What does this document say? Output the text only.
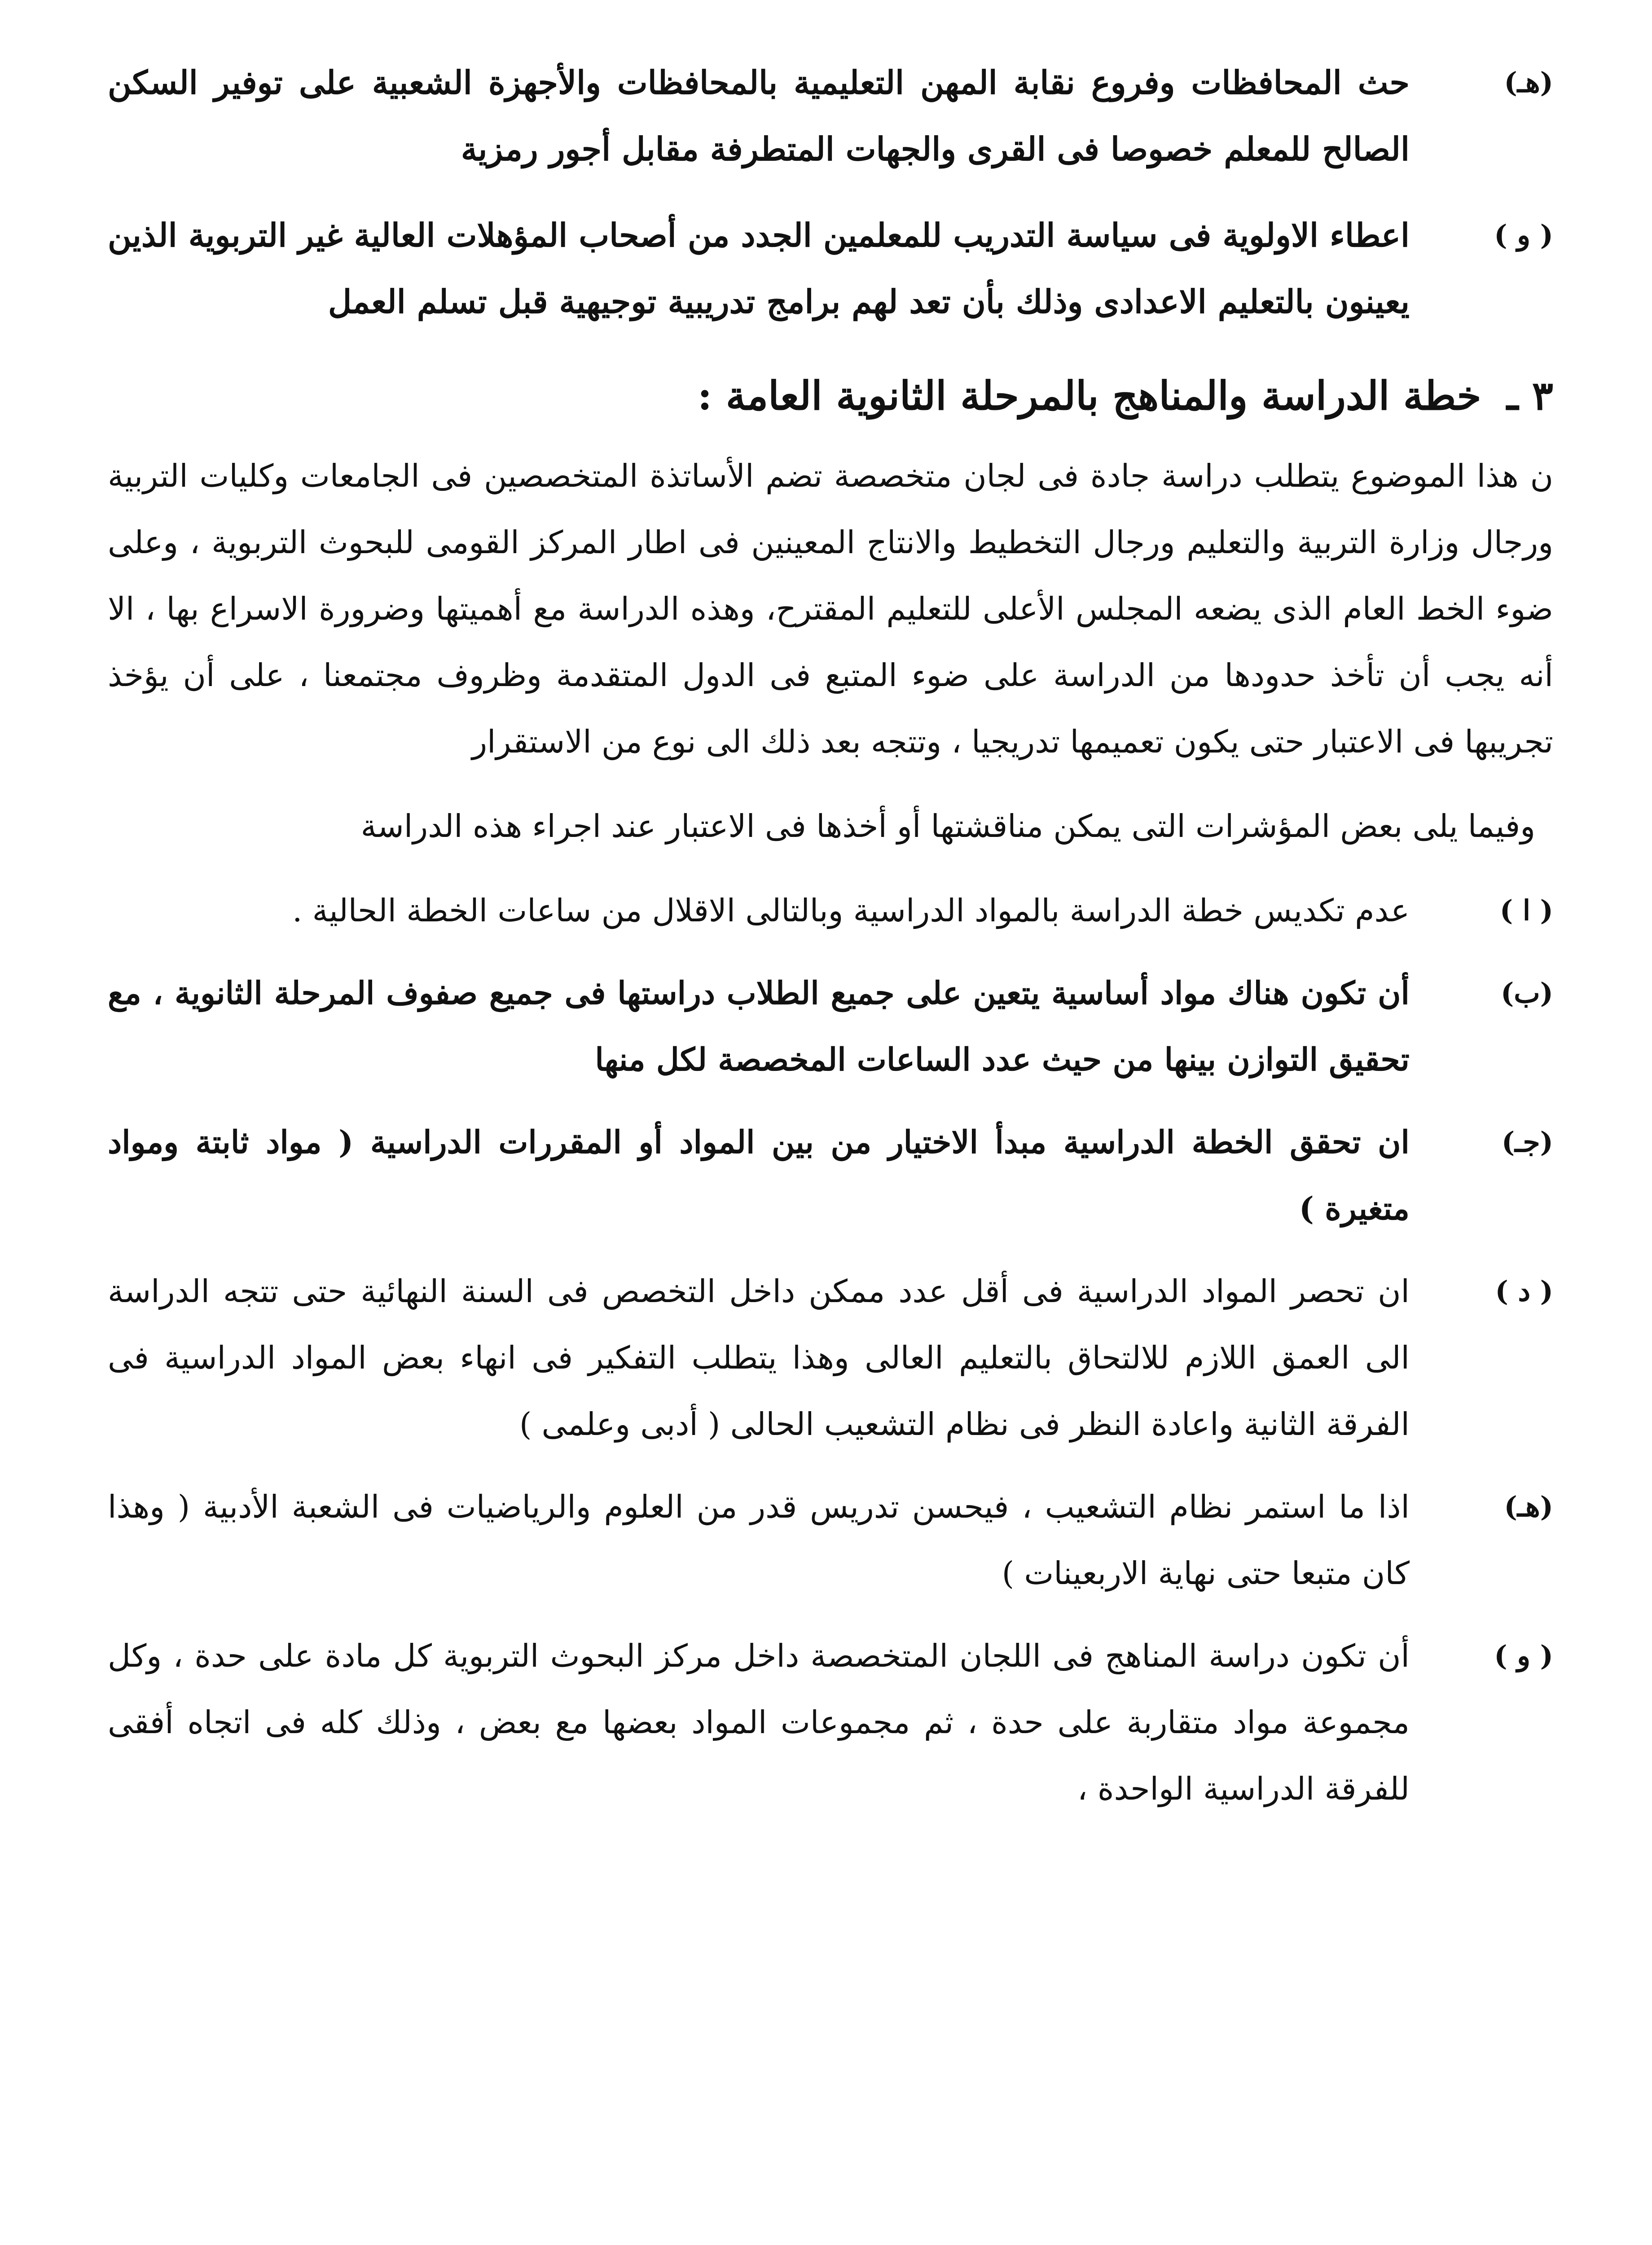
(هـ)
حث المحافظات وفروع نقابة المهن التعليمية بالمحافظات والأجهزة الشعبية على توفير السكن الصالح للمعلم خصوصا فى القرى والجهات المتطرفة مقابل أجور رمزية
( و )
اعطاء الاولوية فى سياسة التدريب للمعلمين الجدد من أصحاب المؤهلات العالية غير التربوية الذين يعينون بالتعليم الاعدادى وذلك بأن تعد لهم برامج تدريبية توجيهية قبل تسلم العمل
٣ ـ خطة الدراسة والمناهج بالمرحلة الثانوية العامة :
ن هذا الموضوع يتطلب دراسة جادة فى لجان متخصصة تضم الأساتذة المتخصصين فى الجامعات وكليات التربية ورجال وزارة التربية والتعليم ورجال التخطيط والانتاج المعينين فى اطار المركز القومى للبحوث التربوية ، وعلى ضوء الخط العام الذى يضعه المجلس الأعلى للتعليم المقترح، وهذه الدراسة مع أهميتها وضرورة الاسراع بها ، الا أنه يجب أن تأخذ حدودها من الدراسة على ضوء المتبع فى الدول المتقدمة وظروف مجتمعنا ، على أن يؤخذ تجريبها فى الاعتبار حتى يكون تعميمها تدريجيا ، وتتجه بعد ذلك الى نوع من الاستقرار
وفيما يلى بعض المؤشرات التى يمكن مناقشتها أو أخذها فى الاعتبار عند اجراء هذه الدراسة
( ا )
عدم تكديس خطة الدراسة بالمواد الدراسية وبالتالى الاقلال من ساعات الخطة الحالية .
(ب)
أن تكون هناك مواد أساسية يتعين على جميع الطلاب دراستها فى جميع صفوف المرحلة الثانوية ، مع تحقيق التوازن بينها من حيث عدد الساعات المخصصة لكل منها
(جـ)
ان تحقق الخطة الدراسية مبدأ الاختيار من بين المواد أو المقررات الدراسية ( مواد ثابتة ومواد متغيرة )
( د )
ان تحصر المواد الدراسية فى أقل عدد ممكن داخل التخصص فى السنة النهائية حتى تتجه الدراسة الى العمق اللازم للالتحاق بالتعليم العالى وهذا يتطلب التفكير فى انهاء بعض المواد الدراسية فى الفرقة الثانية واعادة النظر فى نظام التشعيب الحالى ( أدبى وعلمى )
(هـ)
اذا ما استمر نظام التشعيب ، فيحسن تدريس قدر من العلوم والرياضيات فى الشعبة الأدبية ( وهذا كان متبعا حتى نهاية الاربعينات )
( و )
أن تكون دراسة المناهج فى اللجان المتخصصة داخل مركز البحوث التربوية كل مادة على حدة ، وكل مجموعة مواد متقاربة على حدة ، ثم مجموعات المواد بعضها مع بعض ، وذلك كله فى اتجاه أفقى للفرقة الدراسية الواحدة ،
